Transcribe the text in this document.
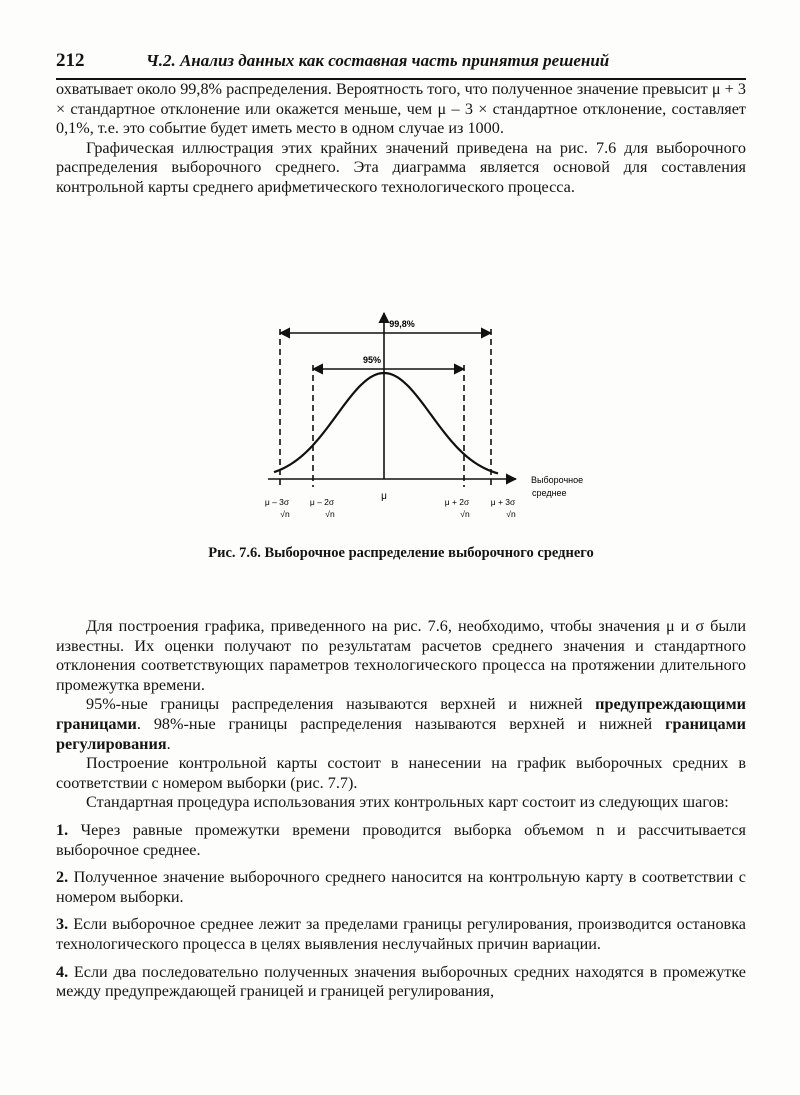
212	Ч.2. Анализ данных как составная часть принятия решений

охватывает около 99,8% распределения. Вероятность того, что полученное значение превысит μ + 3 × стандартное отклонение или окажется меньше, чем μ – 3 × стандартное отклонение, составляет 0,1%, т.е. это событие будет иметь место в одном случае из 1000.

Графическая иллюстрация этих крайних значений приведена на рис. 7.6 для выборочного распределения выборочного среднего. Эта диаграмма является основой для составления контрольной карты среднего арифметического технологического процесса.

99,8%
95%
Выборочное
среднее
μ
μ – 3σ
√n
μ – 2σ
√n
μ + 2σ
√n
μ + 3σ
√n
Рис. 7.6. Выборочное распределение выборочного среднего

Для построения графика, приведенного на рис. 7.6, необходимо, чтобы значения μ и σ были известны. Их оценки получают по результатам расчетов среднего значения и стандартного отклонения соответствующих параметров технологического процесса на протяжении длительного промежутка времени.

95%-ные границы распределения называются верхней и нижней предупреждающими границами. 98%-ные границы распределения называются верхней и нижней границами регулирования.

Построение контрольной карты состоит в нанесении на график выборочных средних в соответствии с номером выборки (рис. 7.7).

Стандартная процедура использования этих контрольных карт состоит из следующих шагов:

1. Через равные промежутки времени проводится выборка объемом n и рассчитывается выборочное среднее.

2. Полученное значение выборочного среднего наносится на контрольную карту в соответствии с номером выборки.

3. Если выборочное среднее лежит за пределами границы регулирования, производится остановка технологического процесса в целях выявления неслучайных причин вариации.

4. Если два последовательно полученных значения выборочных средних находятся в промежутке между предупреждающей границей и границей регулирования,
